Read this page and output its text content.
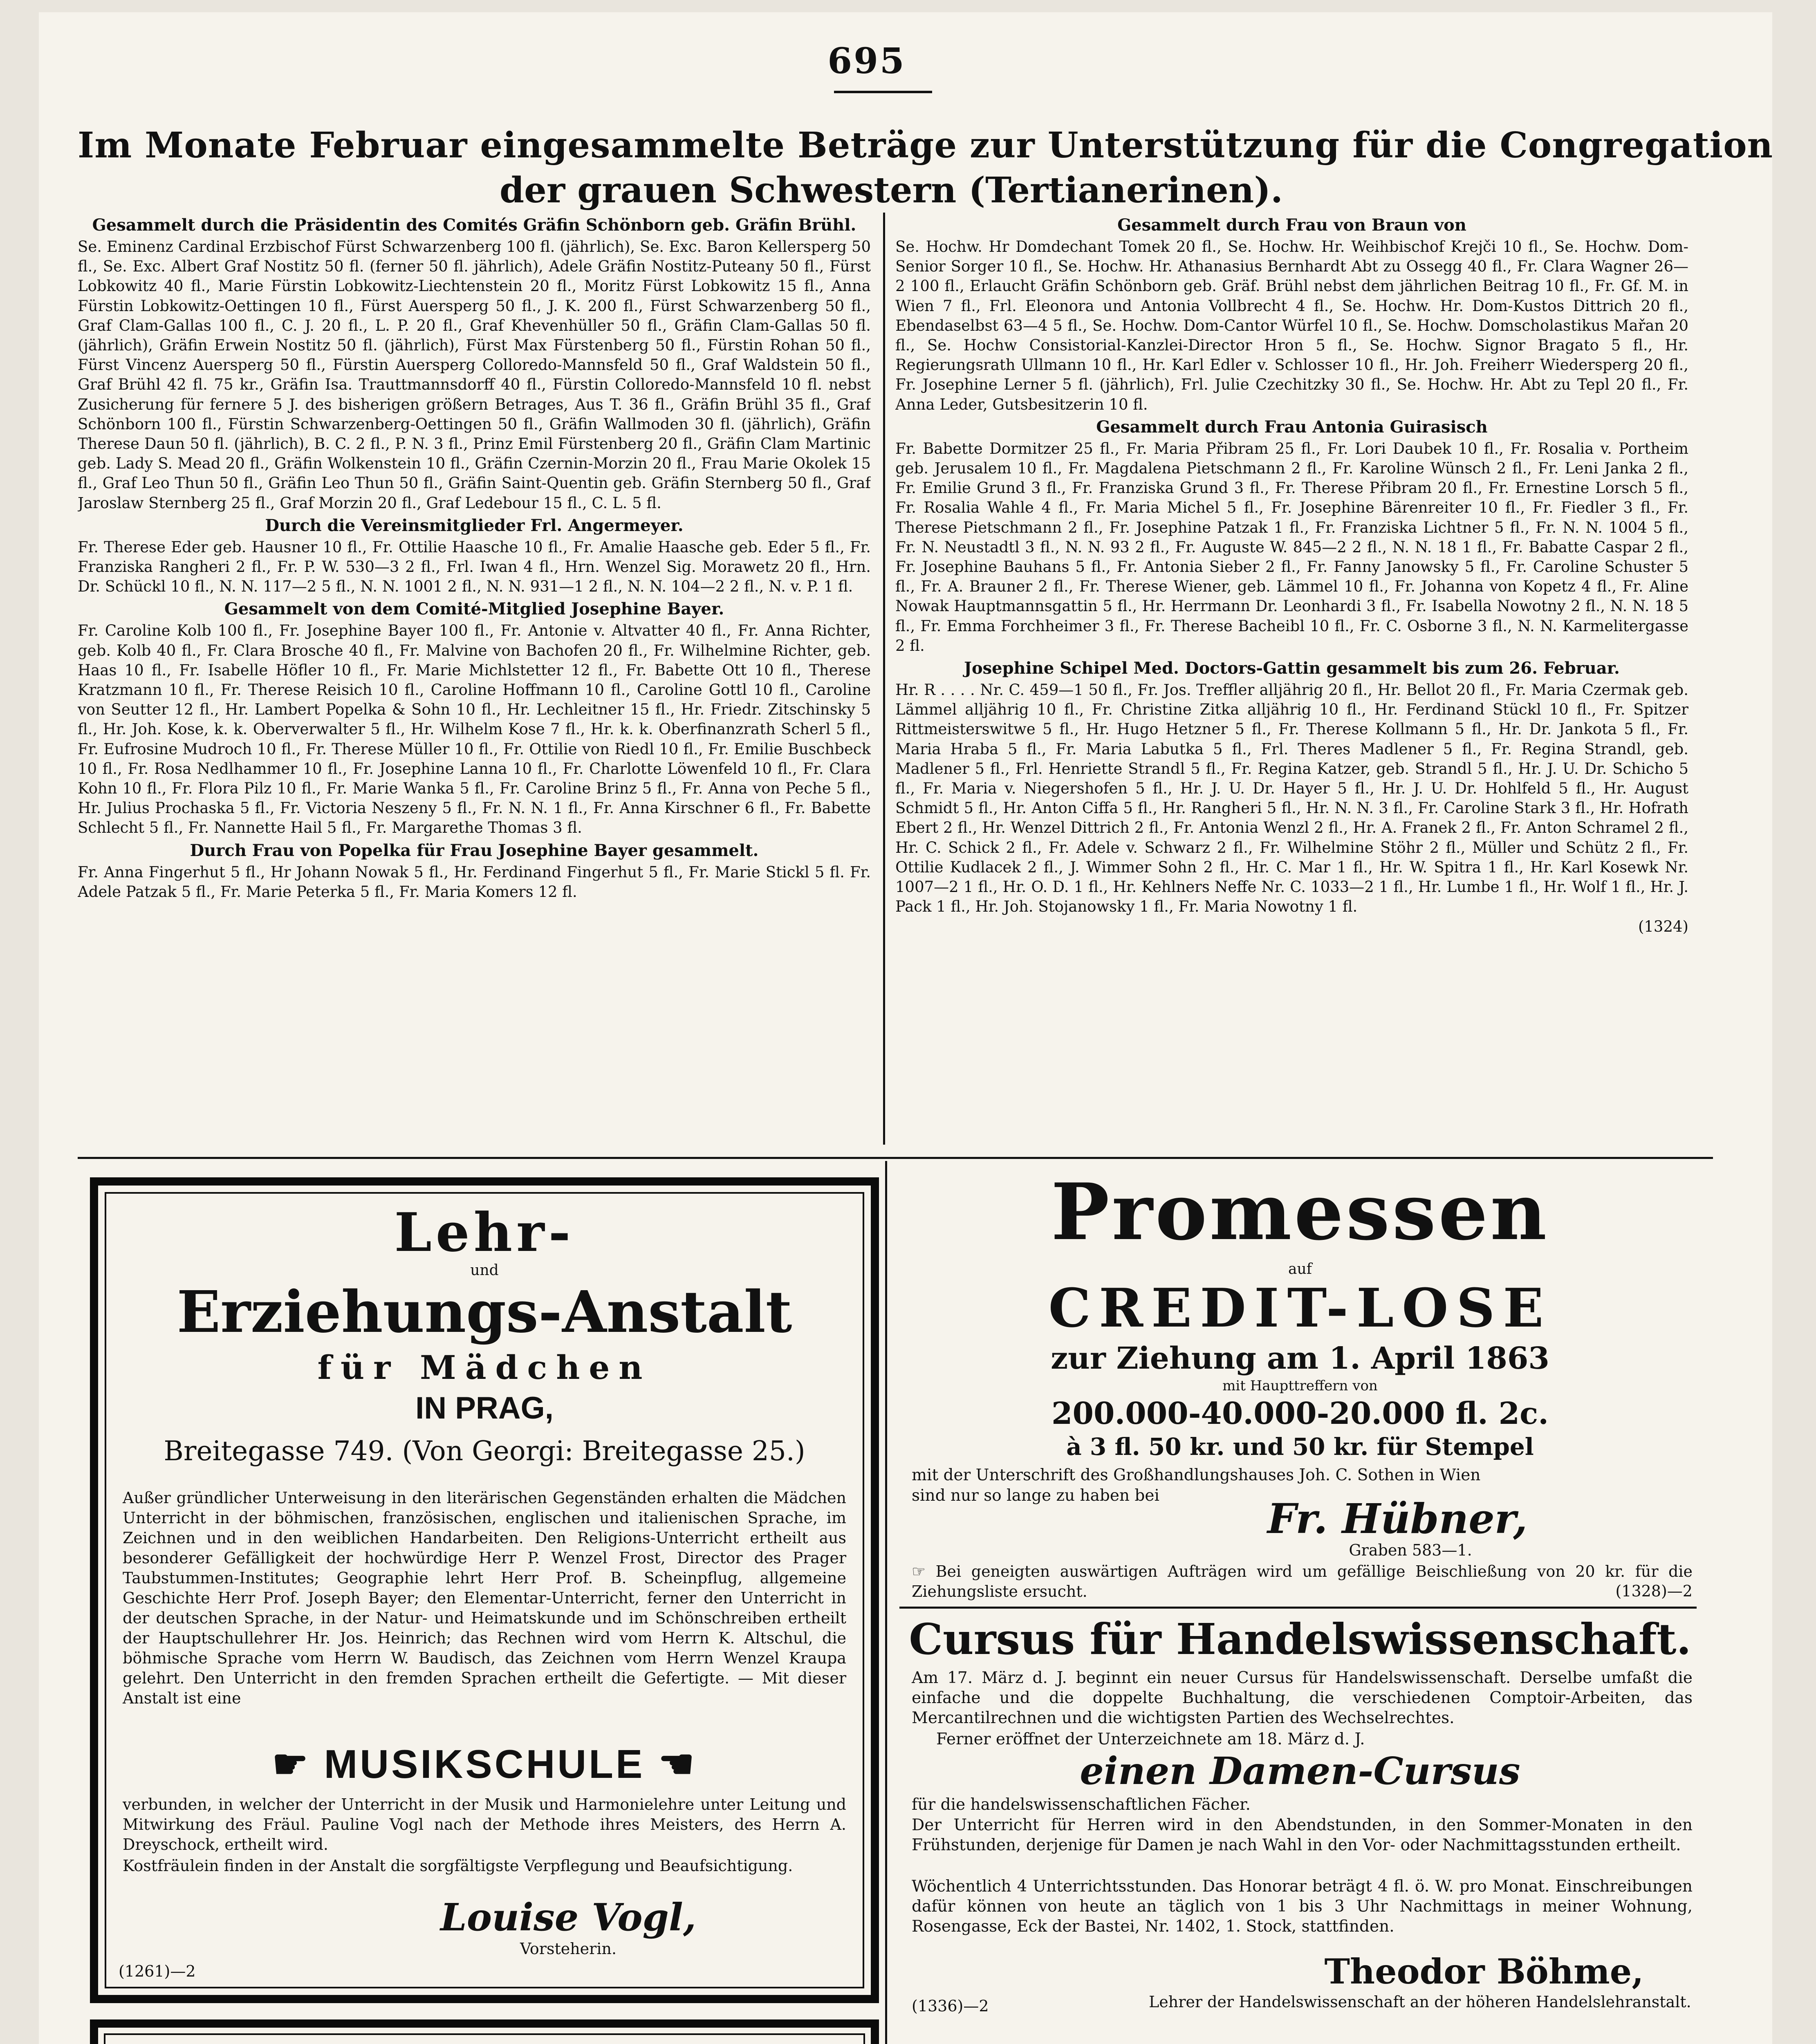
695
Im Monate Februar eingesammelte Beträge zur Unterstützung für die Congregation
der grauen Schwestern (Tertianerinen).

Gesammelt durch die Präsidentin des Comités Gräfin Schönborn geb. Gräfin Brühl.

Se. Eminenz Cardinal Erzbischof Fürst Schwarzenberg 100 fl. (jährlich), Se. Exc. Baron Kellersperg 50 fl., Se. Exc. Albert Graf Nostitz 50 fl. (ferner 50 fl. jährlich), Adele Gräfin Nostitz-Puteany 50 fl., Fürst Lobkowitz 40 fl., Marie Fürstin Lobkowitz-Liechtenstein 20 fl., Moritz Fürst Lobkowitz 15 fl., Anna Fürstin Lobkowitz-Oettingen 10 fl., Fürst Auersperg 50 fl., J. K. 200 fl., Fürst Schwarzenberg 50 fl., Graf Clam-Gallas 100 fl., C. J. 20 fl., L. P. 20 fl., Graf Khevenhüller 50 fl., Gräfin Clam-Gallas 50 fl. (jährlich), Gräfin Erwein Nostitz 50 fl. (jährlich), Fürst Max Fürstenberg 50 fl., Fürstin Rohan 50 fl., Fürst Vincenz Auersperg 50 fl., Fürstin Auersperg Colloredo-Mannsfeld 50 fl., Graf Waldstein 50 fl., Graf Brühl 42 fl. 75 kr., Gräfin Isa. Trauttmannsdorff 40 fl., Fürstin Colloredo-Mannsfeld 10 fl. nebst Zusicherung für fernere 5 J. des bisherigen größern Betrages, Aus T. 36 fl., Gräfin Brühl 35 fl., Graf Schönborn 100 fl., Fürstin Schwarzenberg-Oettingen 50 fl., Gräfin Wallmoden 30 fl. (jährlich), Gräfin Therese Daun 50 fl. (jährlich), B. C. 2 fl., P. N. 3 fl., Prinz Emil Fürstenberg 20 fl., Gräfin Clam Martinic geb. Lady S. Mead 20 fl., Gräfin Wolkenstein 10 fl., Gräfin Czernin-Morzin 20 fl., Frau Marie Okolek 15 fl., Graf Leo Thun 50 fl., Gräfin Leo Thun 50 fl., Gräfin Saint-Quentin geb. Gräfin Sternberg 50 fl., Graf Jaroslaw Sternberg 25 fl., Graf Morzin 20 fl., Graf Ledebour 15 fl., C. L. 5 fl.

Durch die Vereinsmitglieder Frl. Angermeyer.

Fr. Therese Eder geb. Hausner 10 fl., Fr. Ottilie Haasche 10 fl., Fr. Amalie Haasche geb. Eder 5 fl., Fr. Franziska Rangheri 2 fl., Fr. P. W. 530—3 2 fl., Frl. Iwan 4 fl., Hrn. Wenzel Sig. Morawetz 20 fl., Hrn. Dr. Schückl 10 fl., N. N. 117—2 5 fl., N. N. 1001 2 fl., N. N. 931—1 2 fl., N. N. 104—2 2 fl., N. v. P. 1 fl.

Gesammelt von dem Comité-Mitglied Josephine Bayer.

Fr. Caroline Kolb 100 fl., Fr. Josephine Bayer 100 fl., Fr. Antonie v. Altvatter 40 fl., Fr. Anna Richter, geb. Kolb 40 fl., Fr. Clara Brosche 40 fl., Fr. Malvine von Bachofen 20 fl., Fr. Wilhelmine Richter, geb. Haas 10 fl., Fr. Isabelle Höfler 10 fl., Fr. Marie Michlstetter 12 fl., Fr. Babette Ott 10 fl., Therese Kratzmann 10 fl., Fr. Therese Reisich 10 fl., Caroline Hoffmann 10 fl., Caroline Gottl 10 fl., Caroline von Seutter 12 fl., Hr. Lambert Popelka & Sohn 10 fl., Hr. Lechleitner 15 fl., Hr. Friedr. Zitschinsky 5 fl., Hr. Joh. Kose, k. k. Oberverwalter 5 fl., Hr. Wilhelm Kose 7 fl., Hr. k. k. Oberfinanzrath Scherl 5 fl., Fr. Eufrosine Mudroch 10 fl., Fr. Therese Müller 10 fl., Fr. Ottilie von Riedl 10 fl., Fr. Emilie Buschbeck 10 fl., Fr. Rosa Nedlhammer 10 fl., Fr. Josephine Lanna 10 fl., Fr. Charlotte Löwenfeld 10 fl., Fr. Clara Kohn 10 fl., Fr. Flora Pilz 10 fl., Fr. Marie Wanka 5 fl., Fr. Caroline Brinz 5 fl., Fr. Anna von Peche 5 fl., Hr. Julius Prochaska 5 fl., Fr. Victoria Neszeny 5 fl., Fr. N. N. 1 fl., Fr. Anna Kirschner 6 fl., Fr. Babette Schlecht 5 fl., Fr. Nannette Hail 5 fl., Fr. Margarethe Thomas 3 fl.

Durch Frau von Popelka für Frau Josephine Bayer gesammelt.

Fr. Anna Fingerhut 5 fl., Hr Johann Nowak 5 fl., Hr. Ferdinand Fingerhut 5 fl., Fr. Marie Stickl 5 fl. Fr. Adele Patzak 5 fl., Fr. Marie Peterka 5 fl., Fr. Maria Komers 12 fl.

Gesammelt durch Frau von Braun von

Se. Hochw. Hr Domdechant Tomek 20 fl., Se. Hochw. Hr. Weihbischof Krejči 10 fl., Se. Hochw. Dom-Senior Sorger 10 fl., Se. Hochw. Hr. Athanasius Bernhardt Abt zu Ossegg 40 fl., Fr. Clara Wagner 26—2 100 fl., Erlaucht Gräfin Schönborn geb. Gräf. Brühl nebst dem jährlichen Beitrag 10 fl., Fr. Gf. M. in Wien 7 fl., Frl. Eleonora und Antonia Vollbrecht 4 fl., Se. Hochw. Hr. Dom-Kustos Dittrich 20 fl., Ebendaselbst 63—4 5 fl., Se. Hochw. Dom-Cantor Würfel 10 fl., Se. Hochw. Domscholastikus Mařan 20 fl., Se. Hochw Consistorial-Kanzlei-Director Hron 5 fl., Se. Hochw. Signor Bragato 5 fl., Hr. Regierungsrath Ullmann 10 fl., Hr. Karl Edler v. Schlosser 10 fl., Hr. Joh. Freiherr Wiedersperg 20 fl., Fr. Josephine Lerner 5 fl. (jährlich), Frl. Julie Czechitzky 30 fl., Se. Hochw. Hr. Abt zu Tepl 20 fl., Fr. Anna Leder, Gutsbesitzerin 10 fl.

Gesammelt durch Frau Antonia Guirasisch

Fr. Babette Dormitzer 25 fl., Fr. Maria Přibram 25 fl., Fr. Lori Daubek 10 fl., Fr. Rosalia v. Portheim geb. Jerusalem 10 fl., Fr. Magdalena Pietschmann 2 fl., Fr. Karoline Wünsch 2 fl., Fr. Leni Janka 2 fl., Fr. Emilie Grund 3 fl., Fr. Franziska Grund 3 fl., Fr. Therese Přibram 20 fl., Fr. Ernestine Lorsch 5 fl., Fr. Rosalia Wahle 4 fl., Fr. Maria Michel 5 fl., Fr. Josephine Bärenreiter 10 fl., Fr. Fiedler 3 fl., Fr. Therese Pietschmann 2 fl., Fr. Josephine Patzak 1 fl., Fr. Franziska Lichtner 5 fl., Fr. N. N. 1004 5 fl., Fr. N. Neustadtl 3 fl., N. N. 93 2 fl., Fr. Auguste W. 845—2 2 fl., N. N. 18 1 fl., Fr. Babatte Caspar 2 fl., Fr. Josephine Bauhans 5 fl., Fr. Antonia Sieber 2 fl., Fr. Fanny Janowsky 5 fl., Fr. Caroline Schuster 5 fl., Fr. A. Brauner 2 fl., Fr. Therese Wiener, geb. Lämmel 10 fl., Fr. Johanna von Kopetz 4 fl., Fr. Aline Nowak Hauptmannsgattin 5 fl., Hr. Herrmann Dr. Leonhardi 3 fl., Fr. Isabella Nowotny 2 fl., N. N. 18 5 fl., Fr. Emma Forchheimer 3 fl., Fr. Therese Bacheibl 10 fl., Fr. C. Osborne 3 fl., N. N. Karmelitergasse 2 fl.

Josephine Schipel Med. Doctors-Gattin gesammelt bis zum 26. Februar.

Hr. R . . . . Nr. C. 459—1 50 fl., Fr. Jos. Treffler alljährig 20 fl., Hr. Bellot 20 fl., Fr. Maria Czermak geb. Lämmel alljährig 10 fl., Fr. Christine Zitka alljährig 10 fl., Hr. Ferdinand Stückl 10 fl., Fr. Spitzer Rittmeisterswitwe 5 fl., Hr. Hugo Hetzner 5 fl., Fr. Therese Kollmann 5 fl., Hr. Dr. Jankota 5 fl., Fr. Maria Hraba 5 fl., Fr. Maria Labutka 5 fl., Frl. Theres Madlener 5 fl., Fr. Regina Strandl, geb. Madlener 5 fl., Frl. Henriette Strandl 5 fl., Fr. Regina Katzer, geb. Strandl 5 fl., Hr. J. U. Dr. Schicho 5 fl., Fr. Maria v. Niegershofen 5 fl., Hr. J. U. Dr. Hayer 5 fl., Hr. J. U. Dr. Hohlfeld 5 fl., Hr. August Schmidt 5 fl., Hr. Anton Ciffa 5 fl., Hr. Rangheri 5 fl., Hr. N. N. 3 fl., Fr. Caroline Stark 3 fl., Hr. Hofrath Ebert 2 fl., Hr. Wenzel Dittrich 2 fl., Fr. Antonia Wenzl 2 fl., Hr. A. Franek 2 fl., Fr. Anton Schramel 2 fl., Hr. C. Schick 2 fl., Fr. Adele v. Schwarz 2 fl., Fr. Wilhelmine Stöhr 2 fl., Müller und Schütz 2 fl., Fr. Ottilie Kudlacek 2 fl., J. Wimmer Sohn 2 fl., Hr. C. Mar 1 fl., Hr. W. Spitra 1 fl., Hr. Karl Kosewk Nr. 1007—2 1 fl., Hr. O. D. 1 fl., Hr. Kehlners Neffe Nr. C. 1033—2 1 fl., Hr. Lumbe 1 fl., Hr. Wolf 1 fl., Hr. J. Pack 1 fl., Hr. Joh. Stojanowsky 1 fl., Fr. Maria Nowotny 1 fl.

(1324)

Lehr-
und
Erziehungs-Anstalt
für Mädchen
IN PRAG,
Breitegasse 749. (Von Georgi: Breitegasse 25.)
Außer gründlicher Unterweisung in den literärischen Gegenständen erhalten die Mädchen Unterricht in der böhmischen, französischen, englischen und italienischen Sprache, im Zeichnen und in den weiblichen Handarbeiten. Den Religions-Unterricht ertheilt aus besonderer Gefälligkeit der hochwürdige Herr P. Wenzel Frost, Director des Prager Taubstummen-Institutes; Geographie lehrt Herr Prof. B. Scheinpflug, allgemeine Geschichte Herr Prof. Joseph Bayer; den Elementar-Unterricht, ferner den Unterricht in der deutschen Sprache, in der Natur- und Heimatskunde und im Schönschreiben ertheilt der Hauptschullehrer Hr. Jos. Heinrich; das Rechnen wird vom Herrn K. Altschul, die böhmische Sprache vom Herrn W. Baudisch, das Zeichnen vom Herrn Wenzel Kraupa gelehrt. Den Unterricht in den fremden Sprachen ertheilt die Gefertigte. — Mit dieser Anstalt ist eine
☛ MUSIKSCHULE ☚
verbunden, in welcher der Unterricht in der Musik und Harmonielehre unter Leitung und Mitwirkung des Fräul. Pauline Vogl nach der Methode ihres Meisters, des Herrn A. Dreyschock, ertheilt wird.
Kostfräulein finden in der Anstalt die sorgfältigste Verpflegung und Beaufsichtigung.
Louise Vogl,
Vorsteherin.
(1261)—2
Promessen
auf
CREDIT-LOSE
zur Ziehung am 1. April 1863
mit Haupttreffern von
200.000-40.000-20.000 fl. 2c.
à 3 fl. 50 kr. und 50 kr. für Stempel
mit der Unterschrift des Großhandlungshauses Joh. C. Sothen in Wien
sind nur so lange zu haben bei	Fr. Hübner,
Graben 583—1.
☞ Bei geneigten auswärtigen Aufträgen wird um gefällige Beischließung von 20 kr. für die Ziehungsliste ersucht.	(1328)—2
Cursus für Handelswissenschaft.
Am 17. März d. J. beginnt ein neuer Cursus für Handelswissenschaft. Derselbe umfaßt die einfache und die doppelte Buchhaltung, die verschiedenen Comptoir-Arbeiten, das Mercantilrechnen und die wichtigsten Partien des Wechselrechtes.
Ferner eröffnet der Unterzeichnete am 18. März d. J.
einen Damen-Cursus
für die handelswissenschaftlichen Fächer.
Der Unterricht für Herren wird in den Abendstunden, in den Sommer-Monaten in den Frühstunden, derjenige für Damen je nach Wahl in den Vor- oder Nachmittagsstunden ertheilt.
Wöchentlich 4 Unterrichtsstunden. Das Honorar beträgt 4 fl. ö. W. pro Monat. Einschreibungen dafür können von heute an täglich von 1 bis 3 Uhr Nachmittags in meiner Wohnung, Rosengasse, Eck der Bastei, Nr. 1402, 1. Stock, stattfinden.
Theodor Böhme,
(1336)—2	Lehrer der Handelswissenschaft an der höheren Handelslehranstalt.
